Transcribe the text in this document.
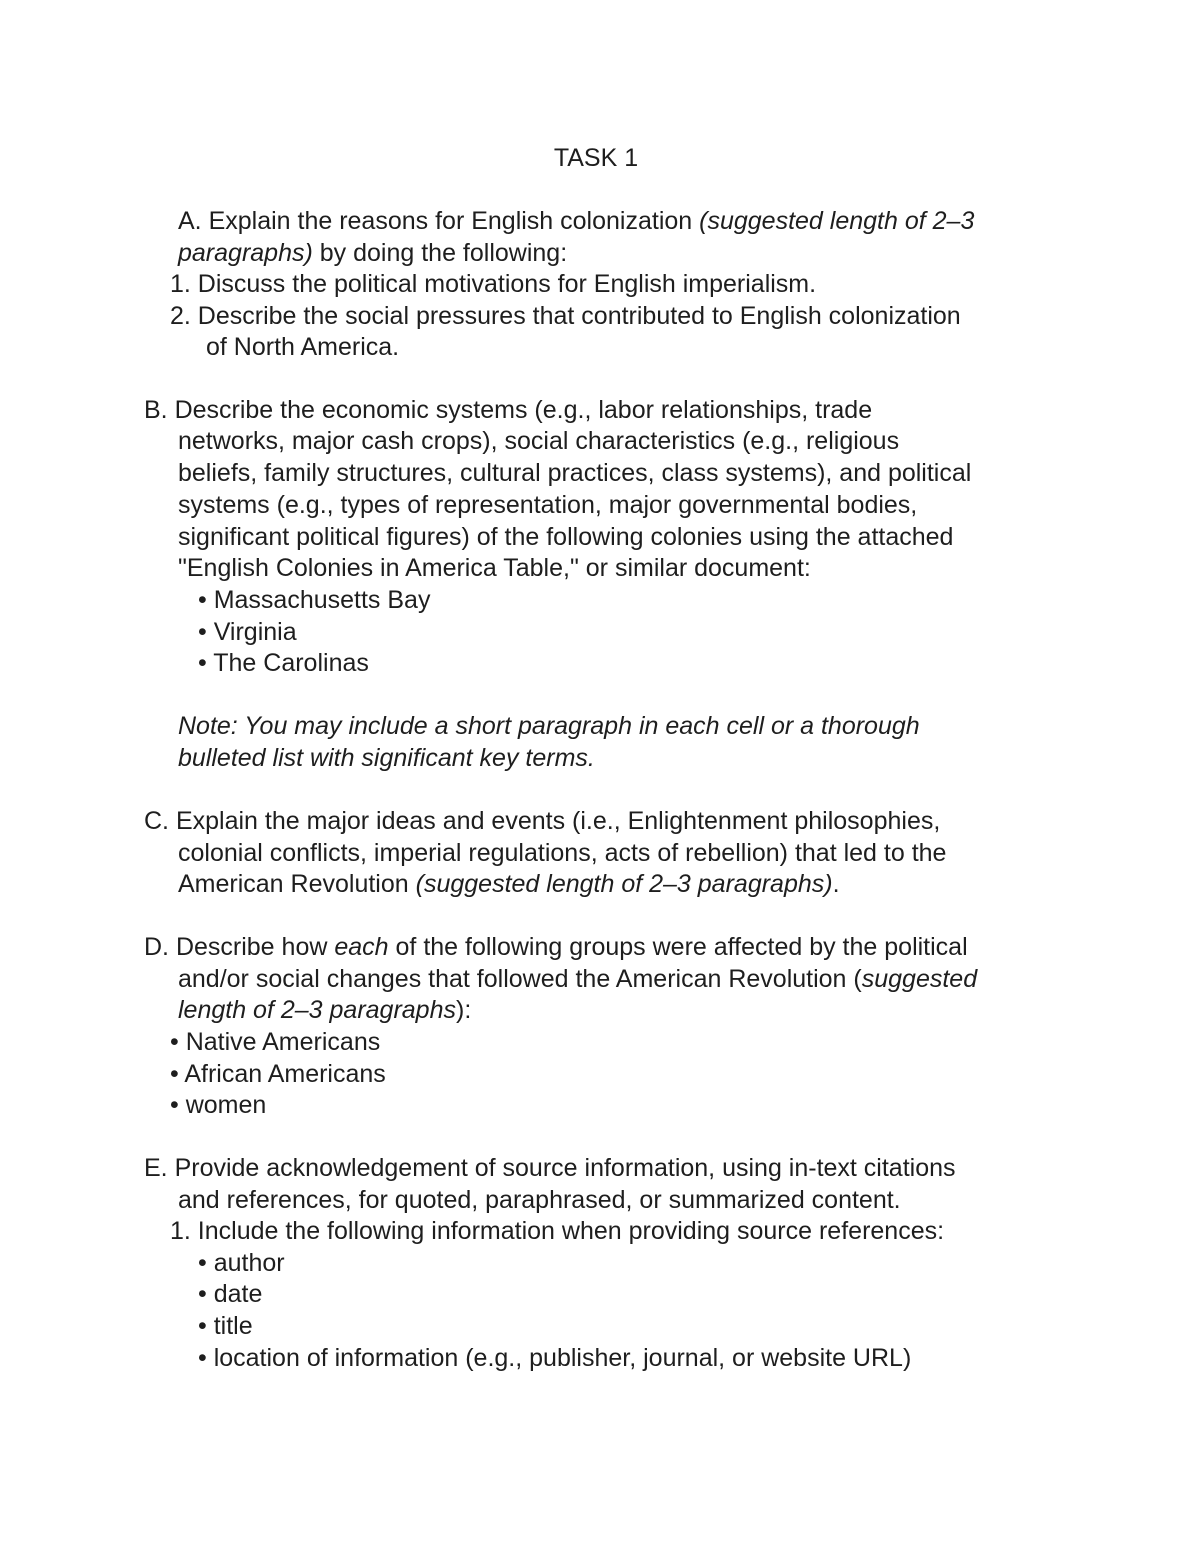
TASK 1
A. Explain the reasons for English colonization (suggested length of 2–3
paragraphs) by doing the following:
1. Discuss the political motivations for English imperialism.
2. Describe the social pressures that contributed to English colonization
of North America.
B. Describe the economic systems (e.g., labor relationships, trade
networks, major cash crops), social characteristics (e.g., religious
beliefs, family structures, cultural practices, class systems), and political
systems (e.g., types of representation, major governmental bodies,
significant political figures) of the following colonies using the attached
"English Colonies in America Table," or similar document:
• Massachusetts Bay
• Virginia
• The Carolinas
Note: You may include a short paragraph in each cell or a thorough
bulleted list with significant key terms.
C. Explain the major ideas and events (i.e., Enlightenment philosophies,
colonial conflicts, imperial regulations, acts of rebellion) that led to the
American Revolution (suggested length of 2–3 paragraphs).
D. Describe how each of the following groups were affected by the political
and/or social changes that followed the American Revolution (suggested
length of 2–3 paragraphs):
• Native Americans
• African Americans
• women
E. Provide acknowledgement of source information, using in-text citations
and references, for quoted, paraphrased, or summarized content.
1. Include the following information when providing source references:
• author
• date
• title
• location of information (e.g., publisher, journal, or website URL)
